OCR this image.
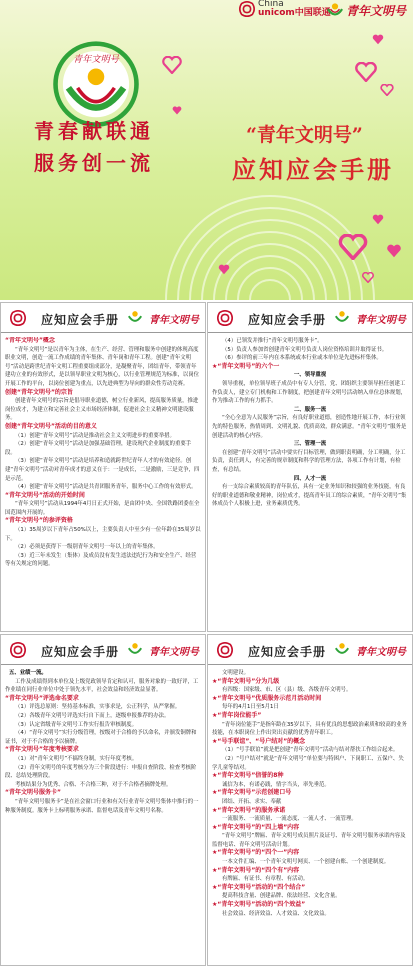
China
unicom中国联通 青年文明号
青年文明号
青春献联通
服务创一流
“青年文明号”
应知应会手册
应知应会手册	青年文明号

“青年文明号”概念

“青年文明号”是以青年为主体，在生产、经营、管理和服务中创建的体现高度职业文明，创造一流工作成绩的青年集体、青年岗和青年工程。创建“青年文明号”活动是跨世纪青年文明工程重要组成部分，是凝聚青年，团结青年，带领青年建功立业的有效形式，是以领导职业文明为核心，以行业管理规范为标准，以岗位开展工作的平台，以岗位创建为重点，以先进典型为导向的群众性劳动竞赛。

创建“青年文明号”的宗旨

创建青年文明号的宗旨是倡导职业道德，树立行业新风，提高服务质量，推进岗位成才，为建立和完善社会主义市场经济体制，促进社会主义精神文明建设服务。

创建“青年文明号”活动的目的意义

（1）创建“青年文明号”活动是推动社会主义文明进步的重要举措。

（2）创建“青年文明号”活动是加强基础管理，建设现代企业制度的重要手段。

（3）创建“青年文明号”活动是培养和造就跨世纪青年人才的有效途径。创建“青年文明号”活动对青年成才的意义在于：一是成长，二是激励，三是竞争，四是示范。

（4）创建“青年文明号”活动是共青团服务青年，服务中心工作的有效形式。

“青年文明号”活动的开始时间

“青年文明号”活动从1994年4月日正式开始，是由团中央、全国铁路团委在全国范围内开展的。

“青年文明号”的参评资格

（1）35周岁以下青年占50%以上，主要负责人中至少有一位年龄在35周岁以下。

（2）必须是获得下一级别青年文明号一年以上的青年集体。

（3）近三年未发生（集体）及成员没有发生违法违纪行为和安全生产、经营等有关规定的问题。

应知应会手册	青年文明号

（4）已领发并推行“青年文明号服务卡”。

（5）负责人参加省创建青年文明号负责人岗位资格培训并取得证书。

（6）参评的前三年内在本系统或本行业或本单位是先进标杆集体。

★“青年文明号”的六个一

一、领导重视

领导重视，单位领导班子成员中有专人分管，党、团组织主要领导担任创建工作负责人，建立专门机构和工作制度，把创建青年文明号活动纳入单位总体规划，作为推动工作的有力抓手。

二、服务一流

“全心全意为人民服务”宗旨，有良好职业道德，创造性地开展工作，本行业领先的特色服务，热情周到、文明礼貌、优质高效，群众满意。“青年文明号”服务是创建活动的核心内容。

三、管理一流

在创建“青年文明号”活动中要实行目标管理，做到职责明确，分工明确，分工负责，责任到人，有完善的规章制度和科学的管理方法，各项工作有计划，有检查，有总结。

四、人才一流

有一支综合素质较高的青年队伍，具有一定业务知识和较强的业务技能，有良好的职业道德和敬业精神，岗位成才，提高青年员工的综合素质，“青年文明号”集体成员个人积极上进，业务素质优秀。

应知应会手册	青年文明号

五、业绩一流。

工作及成绩得到本单位及上级党政领导肯定和认可，服务对象的一致好评，工作业绩在同行业单位中处于领先水平，社会效益和经济效益显著。

“青年文明号”评选命名要求

（1）评选总原则：坚持基本标准，实事求是，公正科学，从严掌握。

（2）各级青年文明号评选实行自下而上，逐级申报推荐的办法。

（3）认定省级青年文明号工作实行报告审核制度。

（4）“青年文明号”实行分级管理，按级对于合格的予以命名，并颁发铜牌和证书，对于不合格的予以摘牌。

“青年文明号”年度考核要求

（1）对“青年文明号”不搞终身制，实行年度考核。

（2）青年文明号的年度考核分为三个阶段进行：申报自查阶段、检查考核阶段、总结处理阶段。

考核结果分为优秀、合格、不合格三种，对于不合格者摘牌处理。

“青年文明号服务卡”

“青年文明号服务卡”是在社会窗口行业和有关行业青年文明号集体中推行的一种服务制度。服务卡上标明服务承诺、监督电话及青年文明号名称。

应知应会手册	青年文明号

文明建设。

★“青年文明号”分为几级

有四级：国家级、市、区（县）级、各级青年文明号。

★“青年文明号”优质服务示范月活动时间

每年的4月1日至5月1日

★“青年岗位能手”

“青年岗位能手”是指年龄在35岁以下，具有优良的思想政治素质和较高的业务技能，在本职岗位上作出突出贡献的优秀青年职工。

★“号手联谊”、“号户结对”的概念

（1）“号手联谊”就是把创建“青年文明号”活动与结对帮扶工作结合起来。

（2）“号户结对”就是“青年文明号”单位要与特困户、下岗职工、五保户、失学儿童等结对。

★“青年文明号”信誉的8种

诚信为本，有诺必践，情字当头，率先垂范。

★“青年文明号”示范创建口号

团结、开拓、求实、奉献

★“青年文明号”的服务承诺

一流服务、一流质量、一流态度、一流人才、一流管理。

★“青年文明号”的“四上墙”内容

“青年文明号”牌匾、青年文明号成员照片及证号、青年文明号服务承诺内容及监督电话、青年文明号活动计划。

★“青年文明号”的“四个一”内容

一本文件汇编、一个青年文明号网页、一个创建台账、一个创建制度。

★“青年文明号”的“四个有”内容

有牌匾、有证书、有章程、有活动。

★“青年文明号”活动的“四个结合”

提高科技含量、创建品牌、依法经营、文化含量。

★“青年文明号”活动的“四个效益”

社会效益、经济效益、人才效益、文化效益。
